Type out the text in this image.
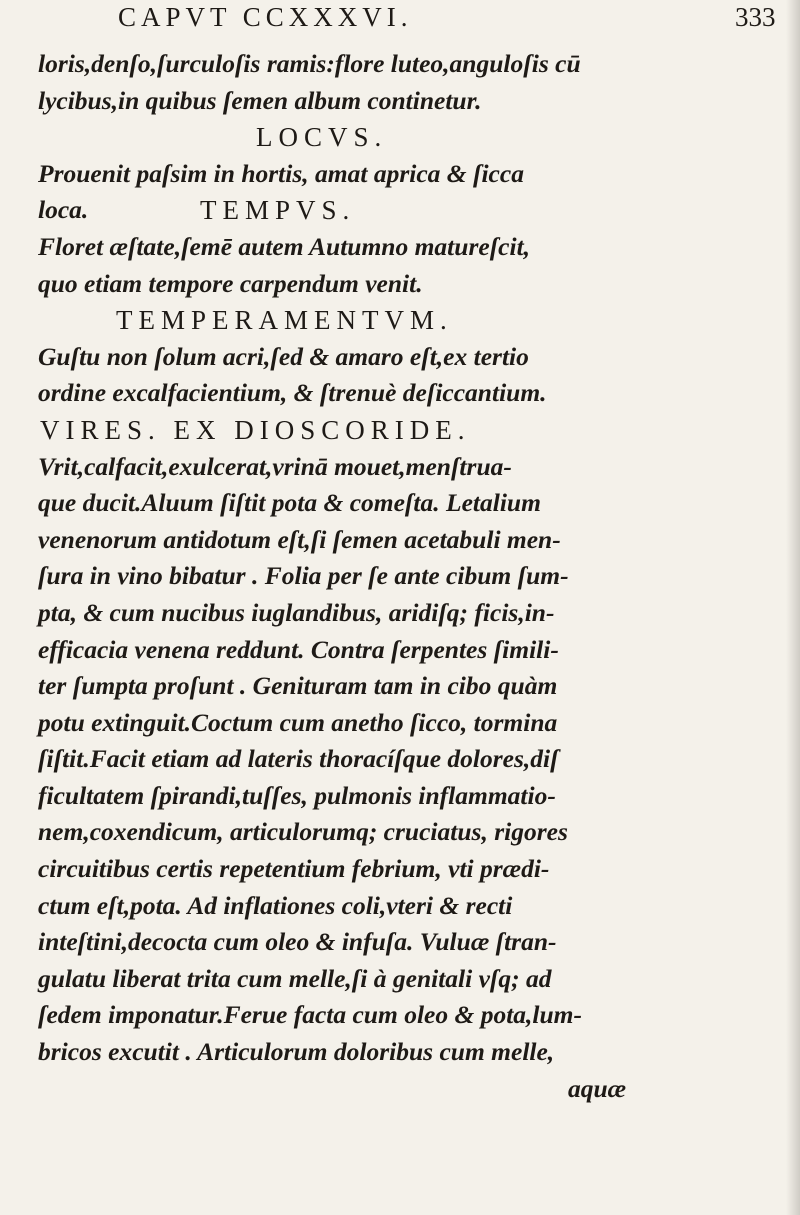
CAPVT CCXXXVI.	333
loris,denſo,ſurculoſis ramis:flore luteo,anguloſis cū
lycibus,in quibus ſemen album continetur.
LOCVS.
Prouenit paſsim in hortis, amat aprica & ſicca
loca.	TEMPVS.
Floret æſtate,ſemē autem Autumno matureſcit,
quo etiam tempore carpendum venit.
TEMPERAMENTVM.
Guſtu non ſolum acri,ſed & amaro eſt,ex tertio
ordine excalfacientium, & ſtrenuè deſiccantium.
VIRES. EX DIOSCORIDE.
Vrit,calfacit,exulcerat,vrinā mouet,menſtrua-
que ducit.Aluum ſiſtit pota & comeſta. Letalium
venenorum antidotum eſt,ſi ſemen acetabuli men-
ſura in vino bibatur . Folia per ſe ante cibum ſum-
pta, & cum nucibus iuglandibus, aridiſq; ficis,in-
efficacia venena reddunt. Contra ſerpentes ſimili-
ter ſumpta proſunt . Genituram tam in cibo quàm
potu extinguit.Coctum cum anetho ſicco, tormina
ſiſtit.Facit etiam ad lateris thoracíſque dolores,diſ
ficultatem ſpirandi,tuſſes, pulmonis inflammatio-
nem,coxendicum, articulorumq; cruciatus, rigores
circuitibus certis repetentium febrium, vti prædi-
ctum eſt,pota. Ad inflationes coli,vteri & recti
inteſtini,decocta cum oleo & infuſa. Vuluæ ſtran-
gulatu liberat trita cum melle,ſi à genitali vſq; ad
ſedem imponatur.Ferue facta cum oleo & pota,lum-
bricos excutit . Articulorum doloribus cum melle,
aquæ
